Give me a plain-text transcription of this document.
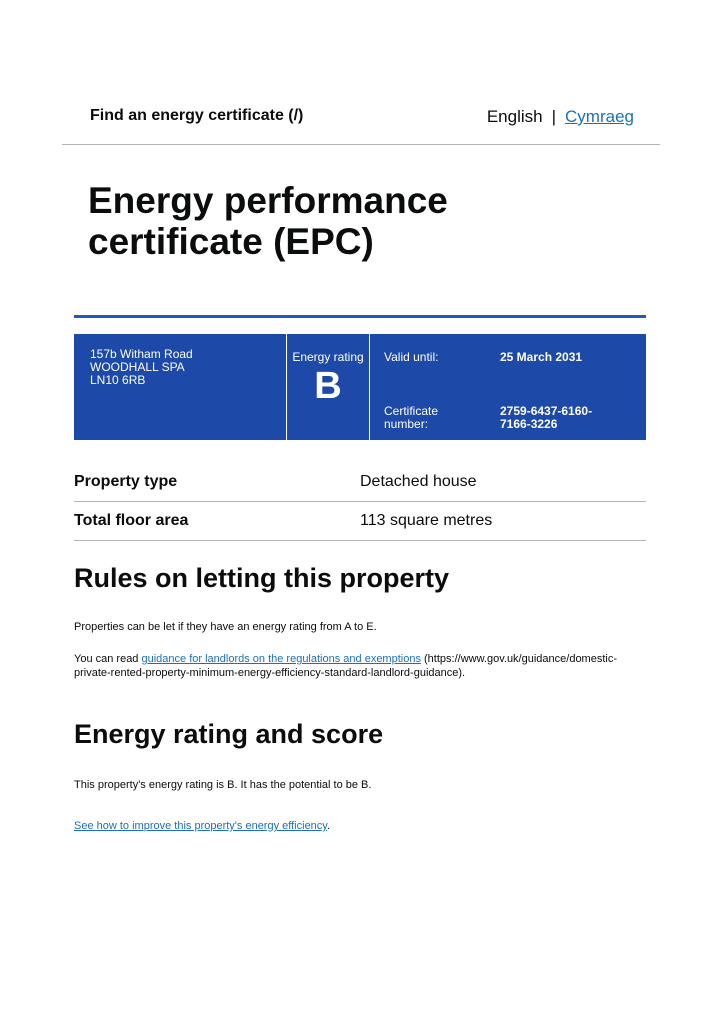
Find an energy certificate (/)	English | Cymraeg
Energy performance certificate (EPC)
157b Witham Road
WOODHALL SPA
LN10 6RB
Energy rating
B
Valid until:	25 March 2031
Certificate number:
2759-6437-6160-7166-3226
Property type	Detached house
Total floor area	113 square metres
Rules on letting this property

Properties can be let if they have an energy rating from A to E.

You can read guidance for landlords on the regulations and exemptions (https://www.gov.uk/guidance/domestic-private-rented-property-minimum-energy-efficiency-standard-landlord-guidance).

Energy rating and score

This property's energy rating is B. It has the potential to be B.

See how to improve this property's energy efficiency.
